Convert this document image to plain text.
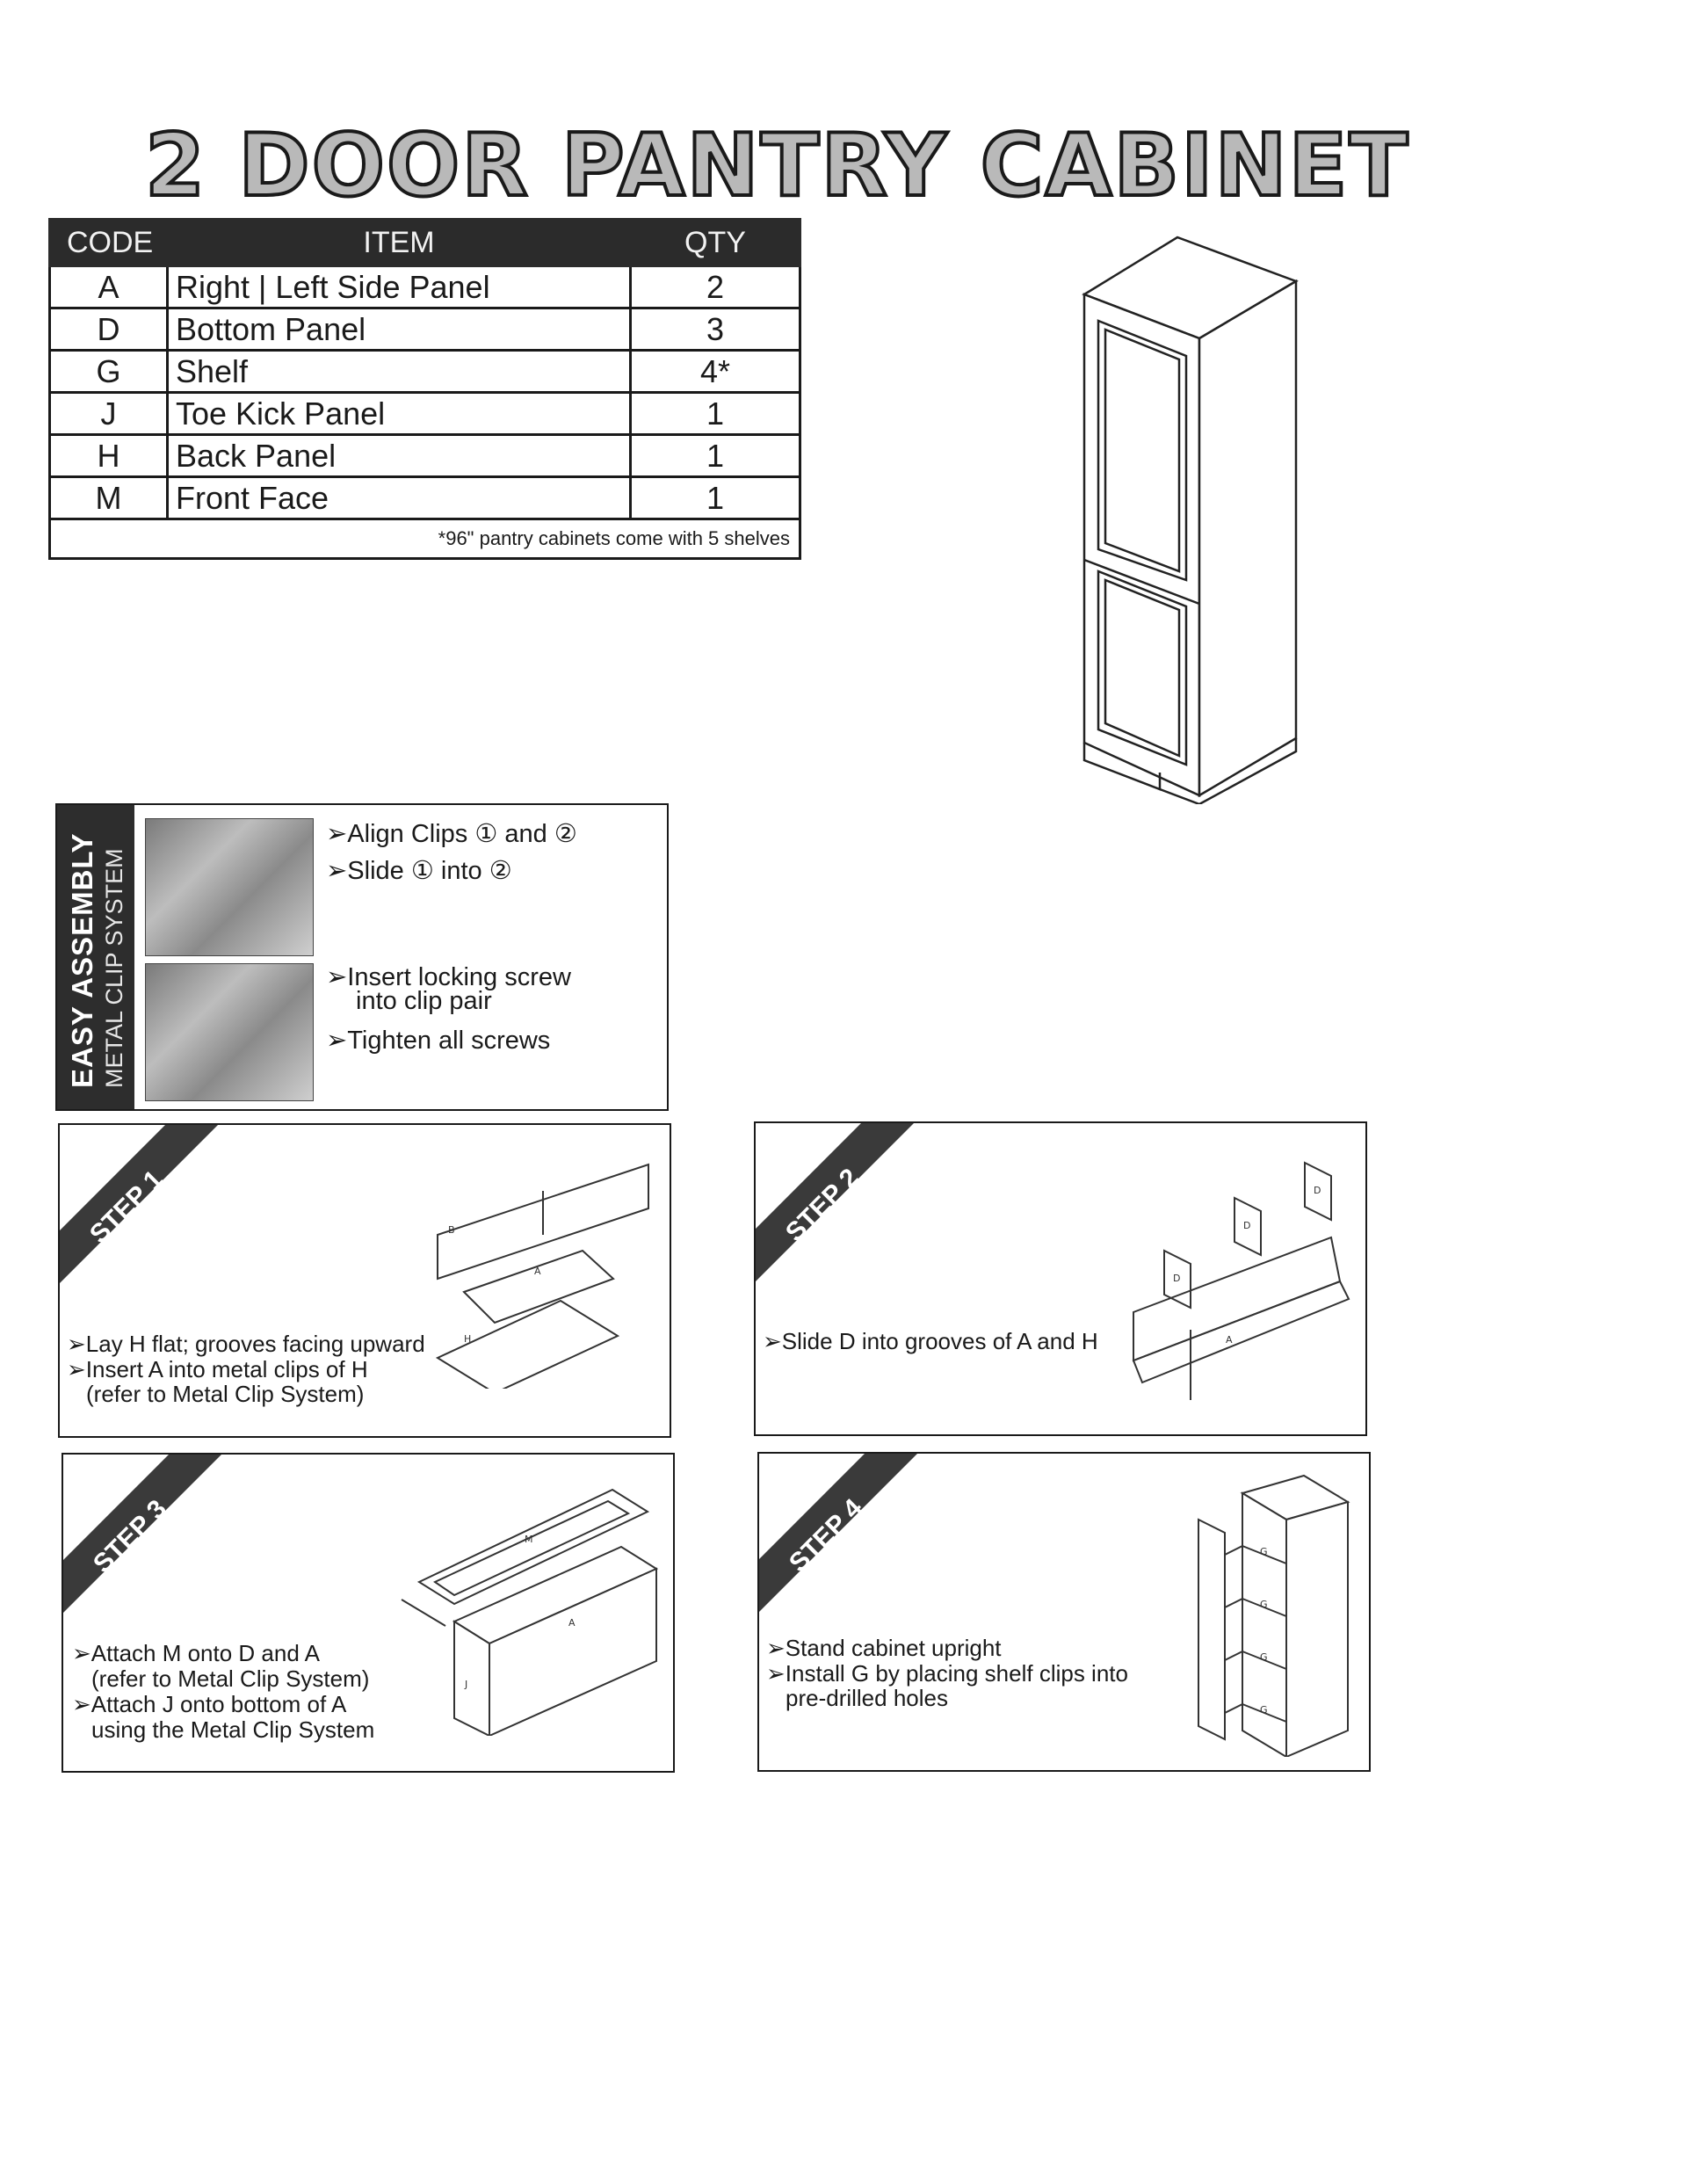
2 DOOR PANTRY CABINET
CODE	ITEM	QTY
A	Right | Left Side Panel	2
D	Bottom Panel	3
G	Shelf	4*
J	Toe Kick Panel	1
H	Back Panel	1
M	Front Face	1
*96" pantry cabinets come with 5 shelves		
EASY ASSEMBLY METAL CLIP SYSTEM
➢Align Clips ① and ②
➢Slide ① into ②
➢Insert locking screw
into clip pair
➢Tighten all screws
STEP 1
A
H
B
➢Lay H flat; grooves facing upward
➢Insert A into metal clips of H
(refer to Metal Clip System)
STEP 2	D
D
D
A
➢Slide D into grooves of A and H
STEP 3
A
M
J
➢Attach M onto D and A
(refer to Metal Clip System)
➢Attach J onto bottom of A
using the Metal Clip System
STEP 4	G
G
G
G
➢Stand cabinet upright
➢Install G by placing shelf clips into
pre-drilled holes
